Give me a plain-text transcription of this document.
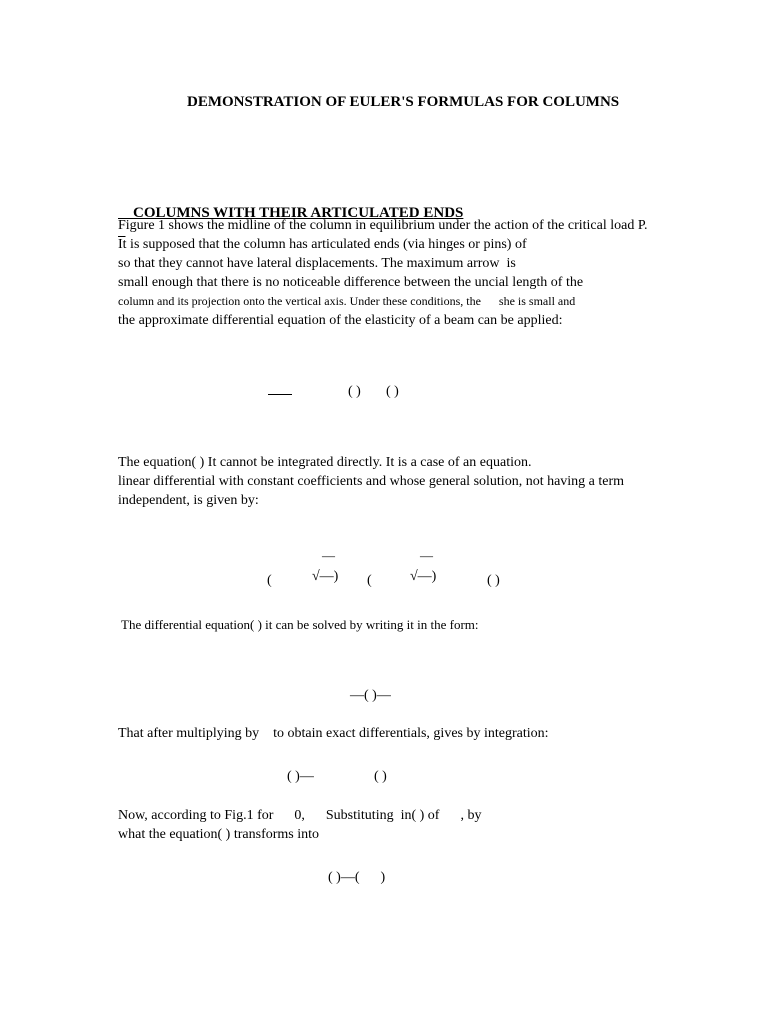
DEMONSTRATION OF EULER'S FORMULAS FOR COLUMNS

COLUMNS WITH THEIR ARTICULATED ENDS

Figure 1 shows the midline of the column in equilibrium under the action of the critical load P.
It is supposed that the column has articulated ends (via hinges or pins) of
so that they cannot have lateral displacements. The maximum arrow  is
small enough that there is no noticeable difference between the uncial length of the
column and its projection onto the vertical axis. Under these conditions, the      she is small and
the approximate differential equation of the elasticity of a beam can be applied:
( ) ( )
The equation( ) It cannot be integrated directly. It is a case of an equation.
linear differential with constant coefficients and whose general solution, not having a term
independent, is given by:
—	—
(	√—) (	√—)	( )
The differential equation( ) it can be solved by writing it in the form:
—( )—
That after multiplying by    to obtain exact differentials, gives by integration:
( )—	( )
Now, according to Fig.1 for      0,      Substituting  in( ) of      , by
what the equation( ) transforms into
( )—(      )
